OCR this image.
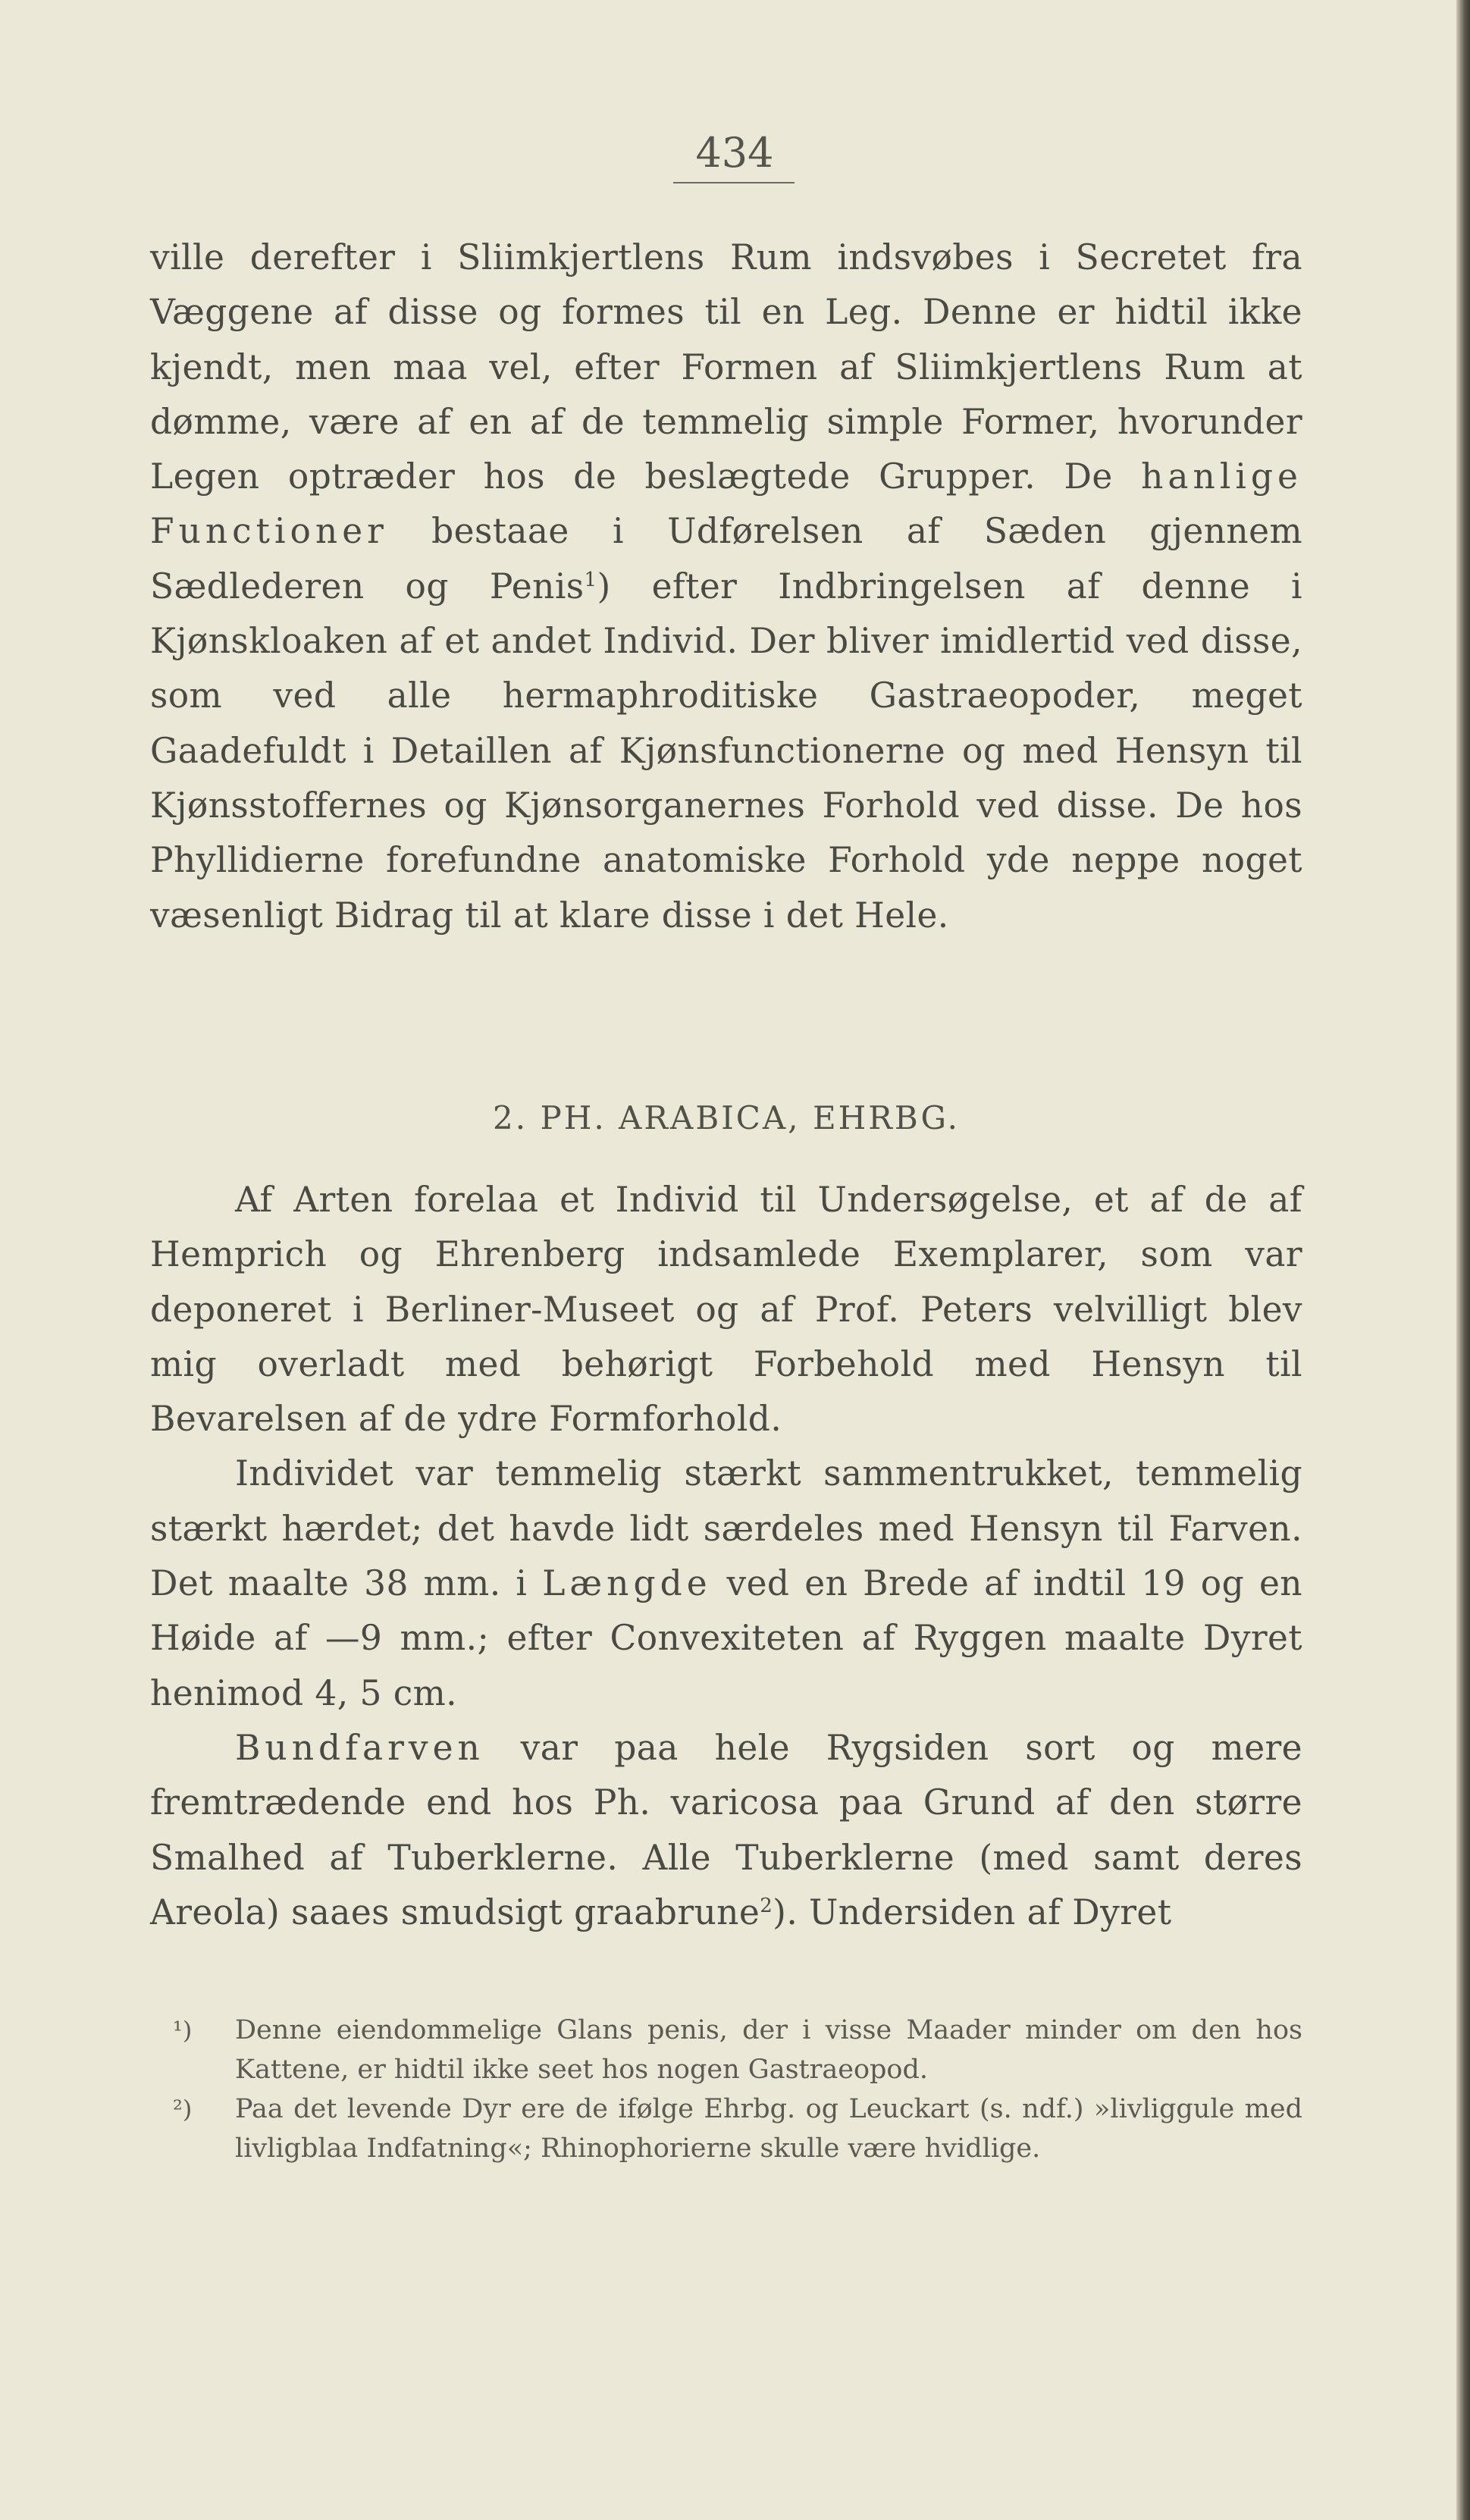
434

ville derefter i Sliimkjertlens Rum indsvøbes i Secretet fra Væggene af disse og formes til en Leg. Denne er hidtil ikke kjendt, men maa vel, efter Formen af Sliimkjertlens Rum at dømme, være af en af de temmelig simple Former, hvorunder Legen optræder hos de beslægtede Grupper. De hanlige Functioner bestaae i Udførelsen af Sæden gjennem Sædlederen og Penis$^1$) efter Indbringelsen af denne i Kjønskloaken af et andet Individ. Der bliver imidlertid ved disse, som ved alle hermaphroditiske Gastraeopoder, meget Gaadefuldt i Detaillen af Kjønsfunctionerne og med Hensyn til Kjønsstoffernes og Kjønsorganernes Forhold ved disse. De hos Phyllidierne forefundne anatomiske Forhold yde neppe noget væsenligt Bidrag til at klare disse i det Hele.

2. PH. ARABICA, EHRBG.

Af Arten forelaa et Individ til Undersøgelse, et af de af Hemprich og Ehrenberg indsamlede Exemplarer, som var deponeret i Berliner-Museet og af Prof. Peters velvilligt blev mig overladt med behørigt Forbehold med Hensyn til Bevarelsen af de ydre Formforhold.

Individet var temmelig stærkt sammentrukket, temmelig stærkt hærdet; det havde lidt særdeles med Hensyn til Farven. Det maalte 38 mm. i Længde ved en Brede af indtil 19 og en Høide af —9 mm.; efter Convexiteten af Ryggen maalte Dyret henimod 4, 5 cm.

Bundfarven var paa hele Rygsiden sort og mere fremtrædende end hos Ph. varicosa paa Grund af den større Smalhed af Tuberklerne. Alle Tuberklerne (med samt deres Areola) saaes smudsigt graabrune$^2$). Undersiden af Dyret

¹) Denne eiendommelige Glans penis, der i visse Maader minder om den hos Kattene, er hidtil ikke seet hos nogen Gastraeopod.
²) Paa det levende Dyr ere de ifølge Ehrbg. og Leuckart (s. ndf.) »livliggule med livligblaa Indfatning«; Rhinophorierne skulle være hvidlige.
